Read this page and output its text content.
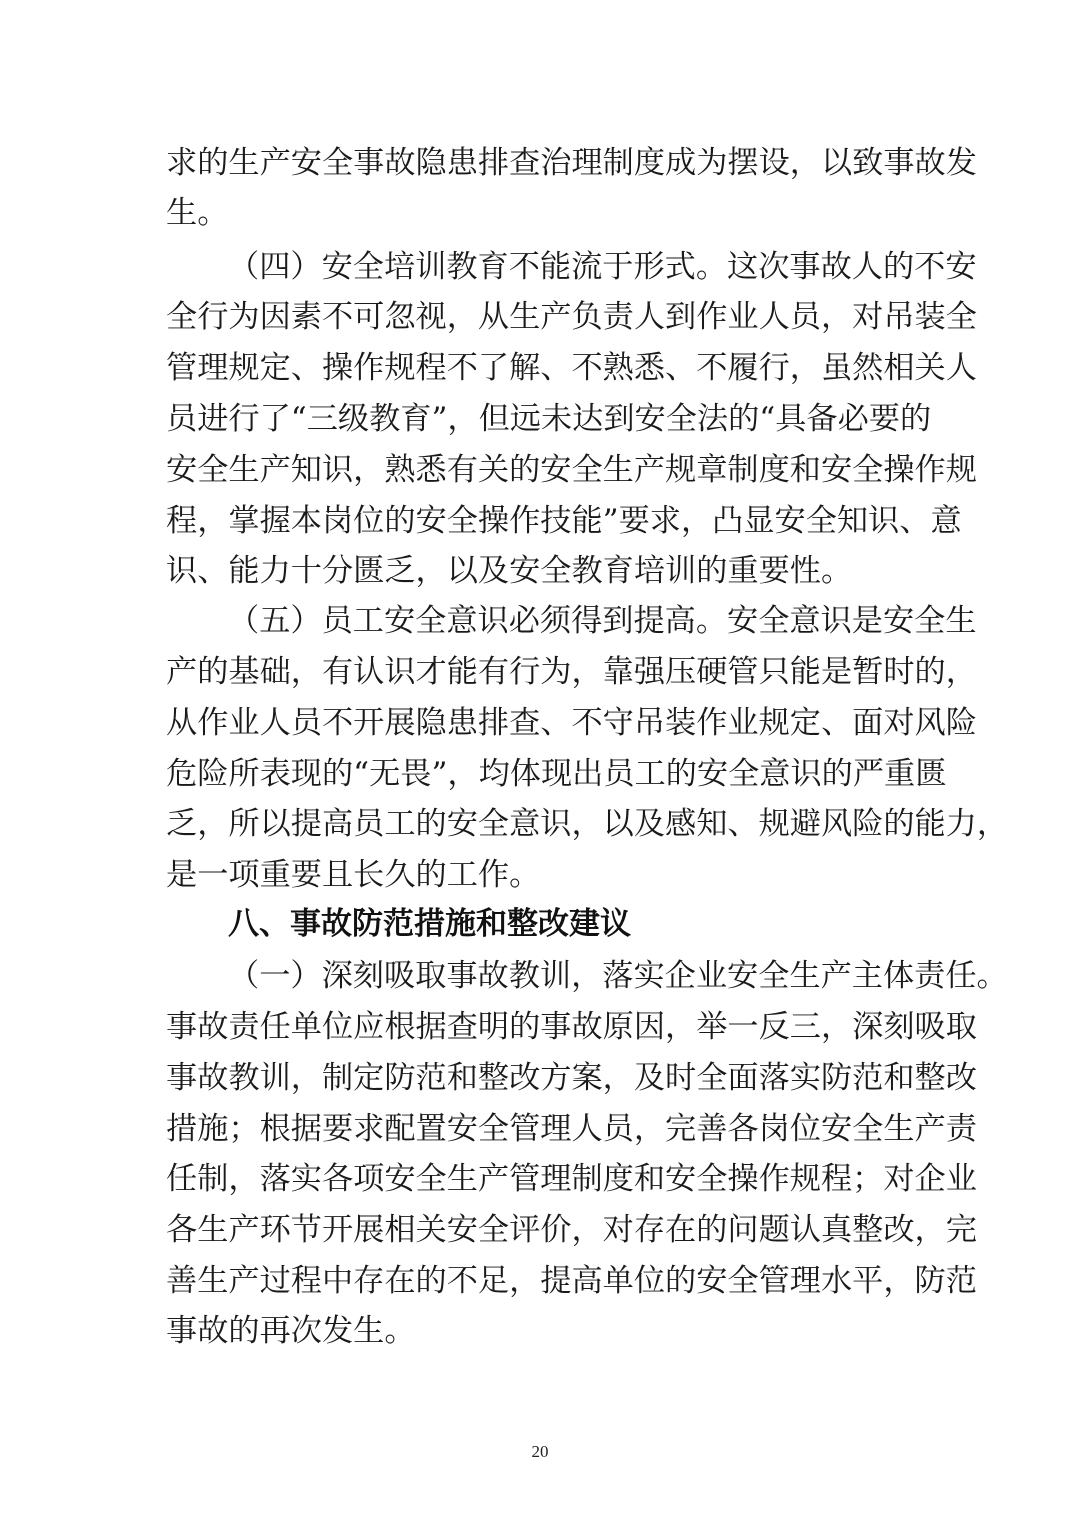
求的生产安全事故隐患排查治理制度成为摆设，以致事故发
生。
（四）安全培训教育不能流于形式。这次事故人的不安
全行为因素不可忽视，从生产负责人到作业人员，对吊装全
管理规定、操作规程不了解、不熟悉、不履行，虽然相关人
员进行了“三级教育”，但远未达到安全法的“具备必要的
安全生产知识，熟悉有关的安全生产规章制度和安全操作规
程，掌握本岗位的安全操作技能”要求，凸显安全知识、意
识、能力十分匮乏，以及安全教育培训的重要性。
（五）员工安全意识必须得到提高。安全意识是安全生
产的基础，有认识才能有行为，靠强压硬管只能是暂时的，
从作业人员不开展隐患排查、不守吊装作业规定、面对风险
危险所表现的“无畏”，均体现出员工的安全意识的严重匮
乏，所以提高员工的安全意识，以及感知、规避风险的能力，
是一项重要且长久的工作。
八、事故防范措施和整改建议
（一）深刻吸取事故教训，落实企业安全生产主体责任。
事故责任单位应根据查明的事故原因，举一反三，深刻吸取
事故教训，制定防范和整改方案，及时全面落实防范和整改
措施；根据要求配置安全管理人员，完善各岗位安全生产责
任制，落实各项安全生产管理制度和安全操作规程；对企业
各生产环节开展相关安全评价，对存在的问题认真整改，完
善生产过程中存在的不足，提高单位的安全管理水平，防范
事故的再次发生。
20
